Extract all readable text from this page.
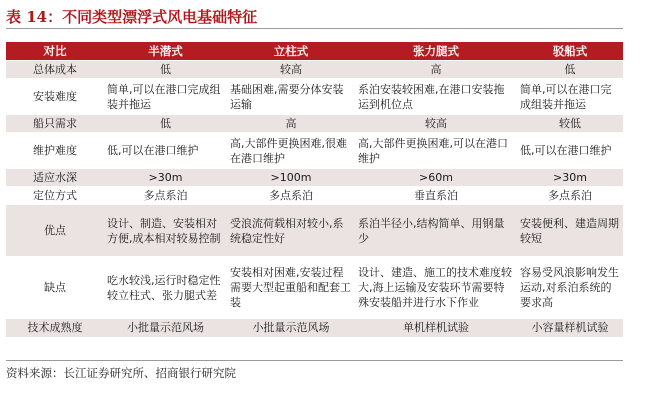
表 14：不同类型漂浮式风电基础特征
对比	半潜式	立柱式	张力腿式	驳船式
总体成本	低	较高	高	低
安装难度	简单,可以在港口完成组装并拖运	基础困难,需要分体安装运输	系泊安装较困难,在港口安装拖运到机位点	简单,可以在港口完成组装并拖运
船只需求	低	高	较高	较低
维护难度	低,可以在港口维护	高,大部件更换困难,很难在港口维护	高,大部件更换困难,可以在港口维护	低,可以在港口维护
适应水深	>30m	>100m	>60m	>30m
定位方式	多点系泊	多点系泊	垂直系泊	多点系泊
优点	设计、制造、安装相对方便,成本相对较易控制	受浪流荷载相对较小,系统稳定性好	系泊半径小,结构简单、用钢量少	安装便利、建造周期较短
缺点	吃水较浅,运行时稳定性较立柱式、张力腿式差	安装相对困难,安装过程需要大型起重船和配套工装	设计、建造、施工的技术难度较大,海上运输及安装环节需要特殊安装船并进行水下作业	容易受风浪影响发生运动,对系泊系统的要求高
技术成熟度	小批量示范风场	小批量示范风场	单机样机试验	小容量样机试验
资料来源：长江证券研究所、招商银行研究院
